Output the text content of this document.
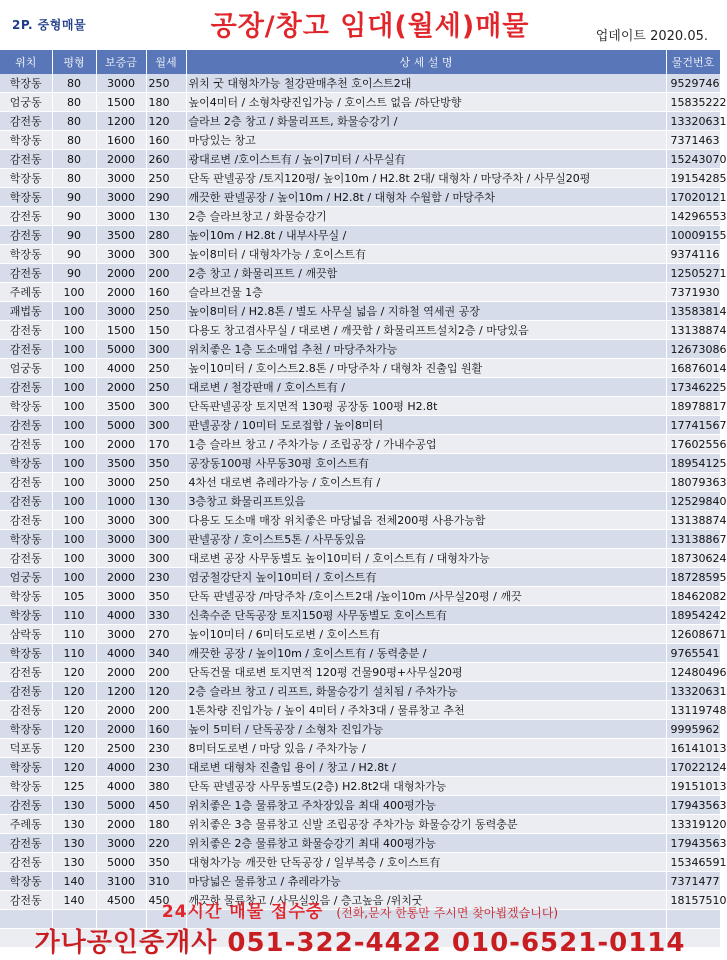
2P. 중형매물	공장/창고 임대(월세)매물	업데이트 2020.05.
위치	평형	보증금	월세	상 세 설 명	물건번호
학장동	80	3000	250	위치 굿 대형차가능 철강판매추천 호이스트2대	9529746
엄궁동	80	1500	180	높이4미터 / 소형차량진입가능 / 호이스트 없음 /하단방향	15835222
감전동	80	1200	120	슬라브 2층 창고 / 화물리프트, 화물승강기 /	13320631
학장동	80	1600	160	마당있는 창고	7371463
감전동	80	2000	260	광대로변 /호이스트有 / 높이7미터 / 사무실有	15243070
학장동	80	3000	250	단독 판넬공장 /토지120평/ 높이10m / H2.8t 2대/ 대형차 / 마당주차 / 사무실20평	19154285
학장동	90	3000	290	깨끗한 판넬공장 / 높이10m / H2.8t / 대형차 수월함 / 마당주차	17020121
감전동	90	3000	130	2층 슬라브창고 / 화물승강기	14296553
감전동	90	3500	280	높이10m / H2.8t / 내부사무실 /	10009155
학장동	90	3000	300	높이8미터 / 대형차가능 / 호이스트有	9374116
감전동	90	2000	200	2층 창고 / 화물리프트 / 깨끗함	12505271
주례동	100	2000	160	슬라브건물 1층	7371930
괘법동	100	3000	250	높이8미터 / H2.8톤 / 별도 사무실 넓음 / 지하철 역세권 공장	13583814
감전동	100	1500	150	다용도 창고겸사무실 / 대로변 / 깨끗함 / 화물리프트설치2층 / 마당있음	13138874
감전동	100	5000	300	위치좋은 1층 도소매업 추천 / 마당주차가능	12673086
엄궁동	100	4000	250	높이10미터 / 호이스트2.8톤 / 마당주차 / 대형차 진출입 원활	16876014
감전동	100	2000	250	대로변 / 철강판매 / 호이스트有 /	17346225
학장동	100	3500	300	단독판넬공장 토지면적 130평 공장동 100평 H2.8t	18978817
감전동	100	5000	300	판넬공장 / 10미터 도로접함 / 높이8미터	17741567
감전동	100	2000	170	1층 슬라브 창고 / 주차가능 / 조립공장 / 가내수공업	17602556
학장동	100	3500	350	공장동100평 사무동30평 호이스트有	18954125
감전동	100	3000	250	4차선 대로변 츄레라가능 / 호이스트有 /	18079363
감전동	100	1000	130	3층창고 화물리프트있음	12529840
감전동	100	3000	300	다용도 도소매 매장 위치좋은 마당넓음 전체200평 사용가능함	13138874
학장동	100	3000	300	판넬공장 / 호이스트5톤 / 사무동있음	13138867
감전동	100	3000	300	대로변 공장 사무동별도 높이10미터 / 호이스트有 / 대형차가능	18730624
엄궁동	100	2000	230	엄궁철강단지 높이10미터 / 호이스트有	18728595
학장동	105	3000	350	단독 판넬공장 /마당주차 /호이스트2대 /높이10m /사무실20평 / 깨끗	18462082
학장동	110	4000	330	신축수준 단독공장 토지150평 사무동별도 호이스트有	18954242
삼락동	110	3000	270	높이10미터 / 6미터도로변 / 호이스트有	12608671
학장동	110	4000	340	깨끗한 공장 / 높이10m / 호이스트有 / 동력충분 /	9765541
감전동	120	2000	200	단독건물 대로변 토지면적 120평 건물90평+사무실20평	12480496
감전동	120	1200	120	2층 슬라브 창고 / 리프트, 화물승강기 설치됨 / 주차가능	13320631
감전동	120	2000	200	1톤차량 진입가능 / 높이 4미터 / 주차3대 / 물류창고 추천	13119748
학장동	120	2000	160	높이 5미터 / 단독공장 / 소형차 진입가능	9995962
덕포동	120	2500	230	8미터도로변 / 마당 있음 / 주차가능 /	16141013
학장동	120	4000	230	대로변 대형차 진출입 용이 / 창고 / H2.8t /	17022124
학장동	125	4000	380	단독 판넬공장 사무동별도(2층) H2.8t2대 대형차가능	19151013
감전동	130	5000	450	위치좋은 1층 물류창고 주차장있음 최대 400평가능	17943563
주례동	130	2000	180	위치좋은 3층 물류창고 신발 조립공장 주차가능 화물승강기 동력충분	13319120
감전동	130	3000	220	위치좋은 2층 물류창고 화물승강기 최대 400평가능	17943563
감전동	130	5000	350	대형차가능 깨끗한 단독공장 / 일부복층 / 호이스트有	15346591
학장동	140	3100	310	마당넓은 물류창고 / 츄레라가능	7371477
감전동	140	4500	450	깨끗한 물류창고 / 사무실있음 / 층고높음 /위치굿	18157510

24시간 매물 접수중 (전화,문자 한통만 주시면 찾아뵙겠습니다)
가나공인중개사 051-322-4422 010-6521-0114
